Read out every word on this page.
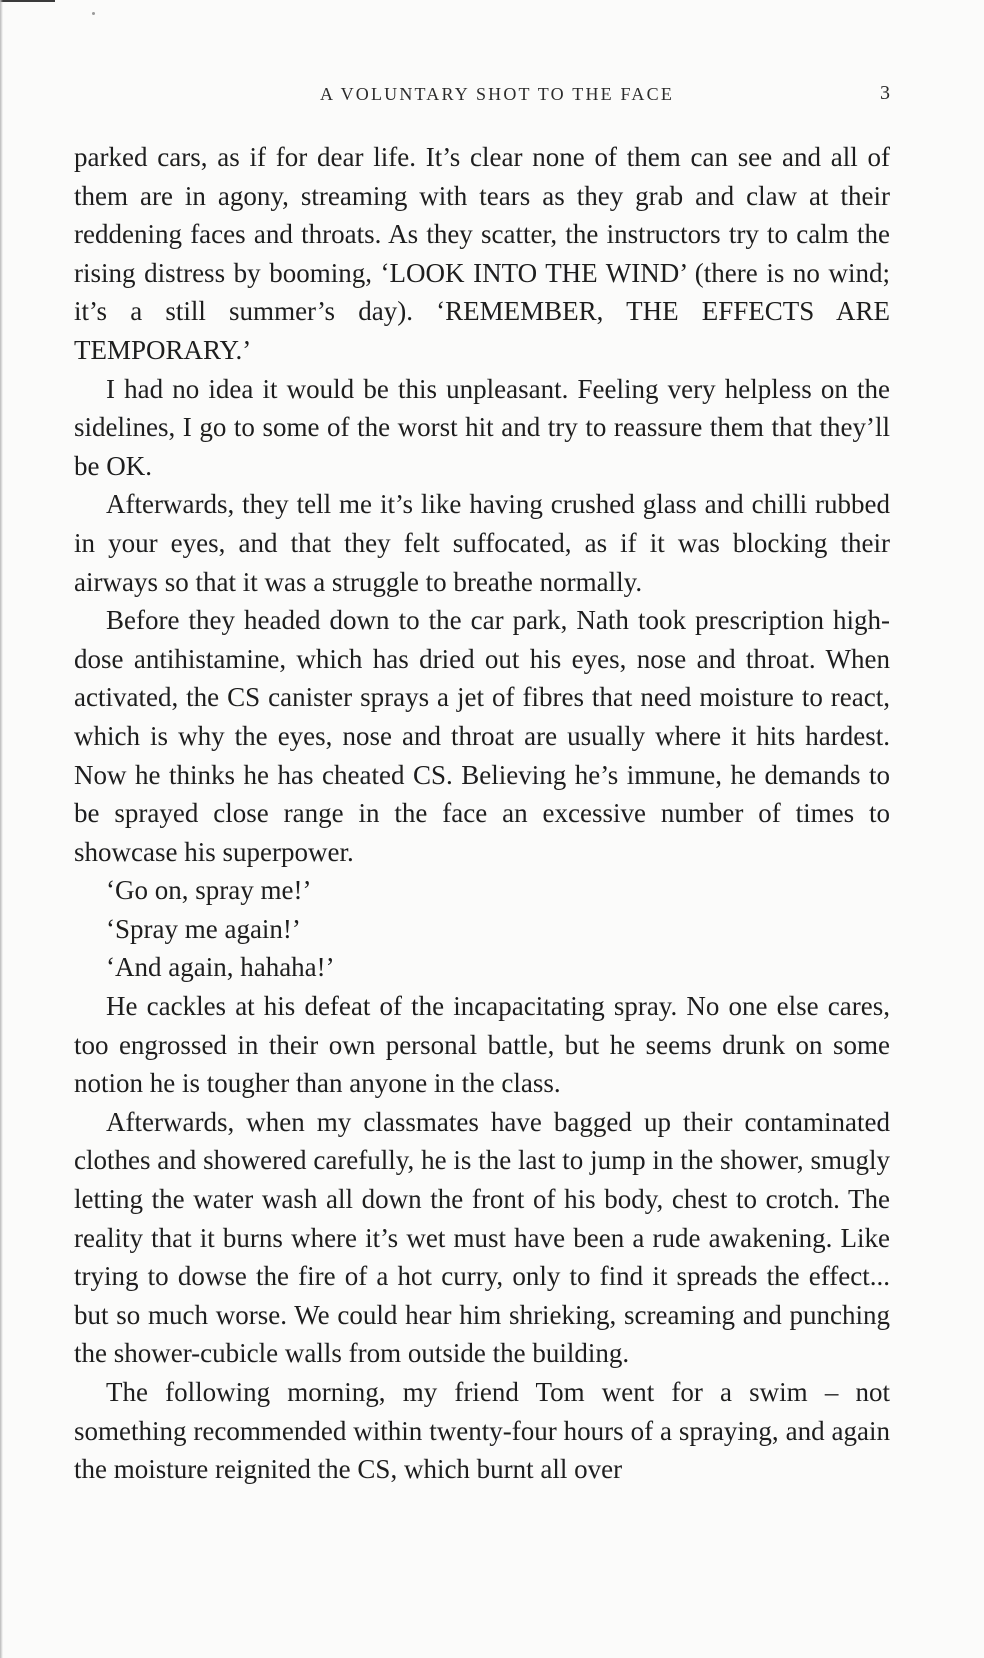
A VOLUNTARY SHOT TO THE FACE	3

parked cars, as if for dear life. It’s clear none of them can see and all of them are in agony, streaming with tears as they grab and claw at their reddening faces and throats. As they scatter, the instructors try to calm the rising distress by booming, ‘LOOK INTO THE WIND’ (there is no wind; it’s a still summer’s day). ‘REMEMBER, THE EFFECTS ARE TEMPORARY.’

I had no idea it would be this unpleasant. Feeling very helpless on the sidelines, I go to some of the worst hit and try to reassure them that they’ll be OK.

Afterwards, they tell me it’s like having crushed glass and chilli rubbed in your eyes, and that they felt suffocated, as if it was blocking their airways so that it was a struggle to breathe normally.

Before they headed down to the car park, Nath took prescription high-dose antihistamine, which has dried out his eyes, nose and throat. When activated, the CS canister sprays a jet of fibres that need moisture to react, which is why the eyes, nose and throat are usually where it hits hardest. Now he thinks he has cheated CS. Believing he’s immune, he demands to be sprayed close range in the face an excessive number of times to showcase his superpower.

‘Go on, spray me!’

‘Spray me again!’

‘And again, hahaha!’

He cackles at his defeat of the incapacitating spray. No one else cares, too engrossed in their own personal battle, but he seems drunk on some notion he is tougher than anyone in the class.

Afterwards, when my classmates have bagged up their contaminated clothes and showered carefully, he is the last to jump in the shower, smugly letting the water wash all down the front of his body, chest to crotch. The reality that it burns where it’s wet must have been a rude awakening. Like trying to dowse the fire of a hot curry, only to find it spreads the effect... but so much worse. We could hear him shrieking, screaming and punching the shower-cubicle walls from outside the building.

The following morning, my friend Tom went for a swim – not something recommended within twenty-four hours of a spraying, and again the moisture reignited the CS, which burnt all over
